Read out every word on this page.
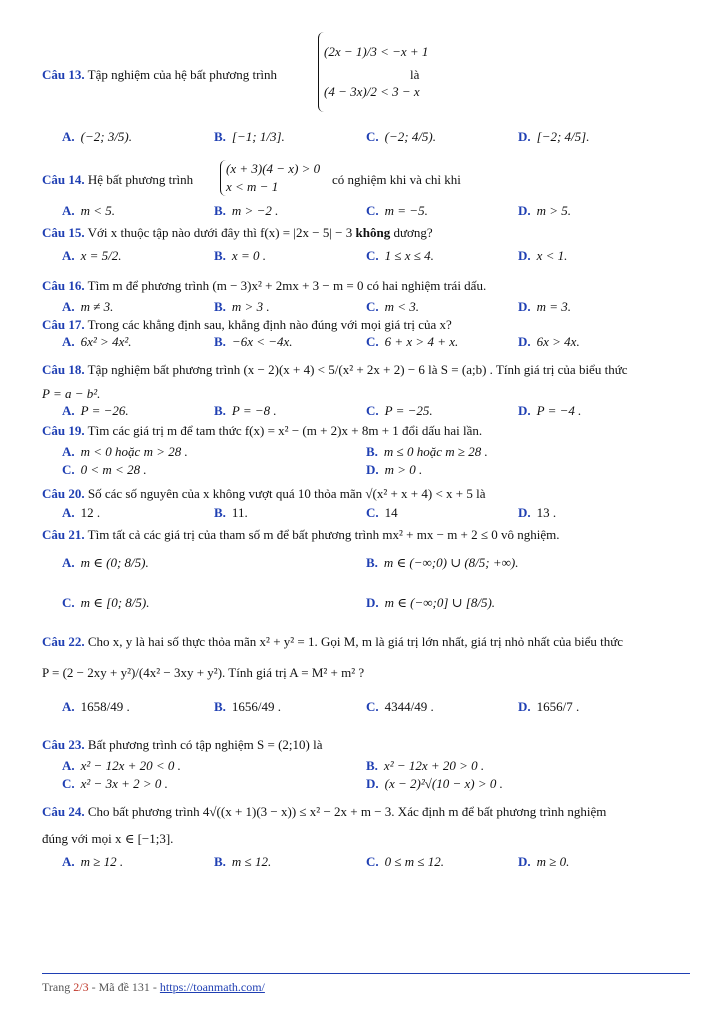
Câu 13. Tập nghiệm của hệ bất phương trình
(2x − 1)/3 < −x + 1
(4 − 3x)/2 < 3 − x
là
A. (−2; 3/5).	B. [−1; 1/3].	C. (−2; 4/5).	D. [−2; 4/5].
Câu 14. Hệ bất phương trình
(x + 3)(4 − x) > 0
x < m − 1	có nghiệm khi và chỉ khi
A. m < 5.	B. m > −2 .	C. m = −5.	D. m > 5.
Câu 15. Với x thuộc tập nào dưới đây thì f(x) = |2x − 5| − 3 không dương?
A. x = 5/2.	B. x = 0 .	C. 1 ≤ x ≤ 4.	D. x < 1.
Câu 16. Tìm m để phương trình (m − 3)x² + 2mx + 3 − m = 0 có hai nghiệm trái dấu.
A. m ≠ 3.	B. m > 3 .	C. m < 3.	D. m = 3.
Câu 17. Trong các khẳng định sau, khẳng định nào đúng với mọi giá trị của x?
A. 6x² > 4x².	B. −6x < −4x.	C. 6 + x > 4 + x.	D. 6x > 4x.
Câu 18. Tập nghiệm bất phương trình (x − 2)(x + 4) < 5/(x² + 2x + 2) − 6 là S = (a;b) . Tính giá trị của biểu thức
P = a − b².
A. P = −26.	B. P = −8 .	C. P = −25.	D. P = −4 .
Câu 19. Tìm các giá trị m để tam thức f(x) = x² − (m + 2)x + 8m + 1 đổi dấu hai lần.
A. m < 0 hoặc m > 28 .	B. m ≤ 0 hoặc m ≥ 28 .
C. 0 < m < 28 .	D. m > 0 .
Câu 20. Số các số nguyên của x không vượt quá 10 thỏa mãn √(x² + x + 4) < x + 5 là
A. 12 .	B. 11.	C. 14	D. 13 .
Câu 21. Tìm tất cả các giá trị của tham số m để bất phương trình mx² + mx − m + 2 ≤ 0 vô nghiệm.
A. m ∈ (0; 8/5).	B. m ∈ (−∞;0) ∪ (8/5; +∞).
C. m ∈ [0; 8/5).	D. m ∈ (−∞;0] ∪ [8/5).
Câu 22. Cho x, y là hai số thực thỏa mãn x² + y² = 1. Gọi M, m là giá trị lớn nhất, giá trị nhỏ nhất của biểu thức
P = (2 − 2xy + y²)/(4x² − 3xy + y²). Tính giá trị A = M² + m² ?
A. 1658/49 .	B. 1656/49 .	C. 4344/49 .	D. 1656/7 .
Câu 23. Bất phương trình có tập nghiệm S = (2;10) là
A. x² − 12x + 20 < 0 .	B. x² − 12x + 20 > 0 .
C. x² − 3x + 2 > 0 .	D. (x − 2)²√(10 − x) > 0 .
Câu 24. Cho bất phương trình 4√((x + 1)(3 − x)) ≤ x² − 2x + m − 3. Xác định m để bất phương trình nghiệm
đúng với mọi x ∈ [−1;3].
A. m ≥ 12 .	B. m ≤ 12.	C. 0 ≤ m ≤ 12.	D. m ≥ 0.
Trang 2/3 - Mã đề 131 - https://toanmath.com/
